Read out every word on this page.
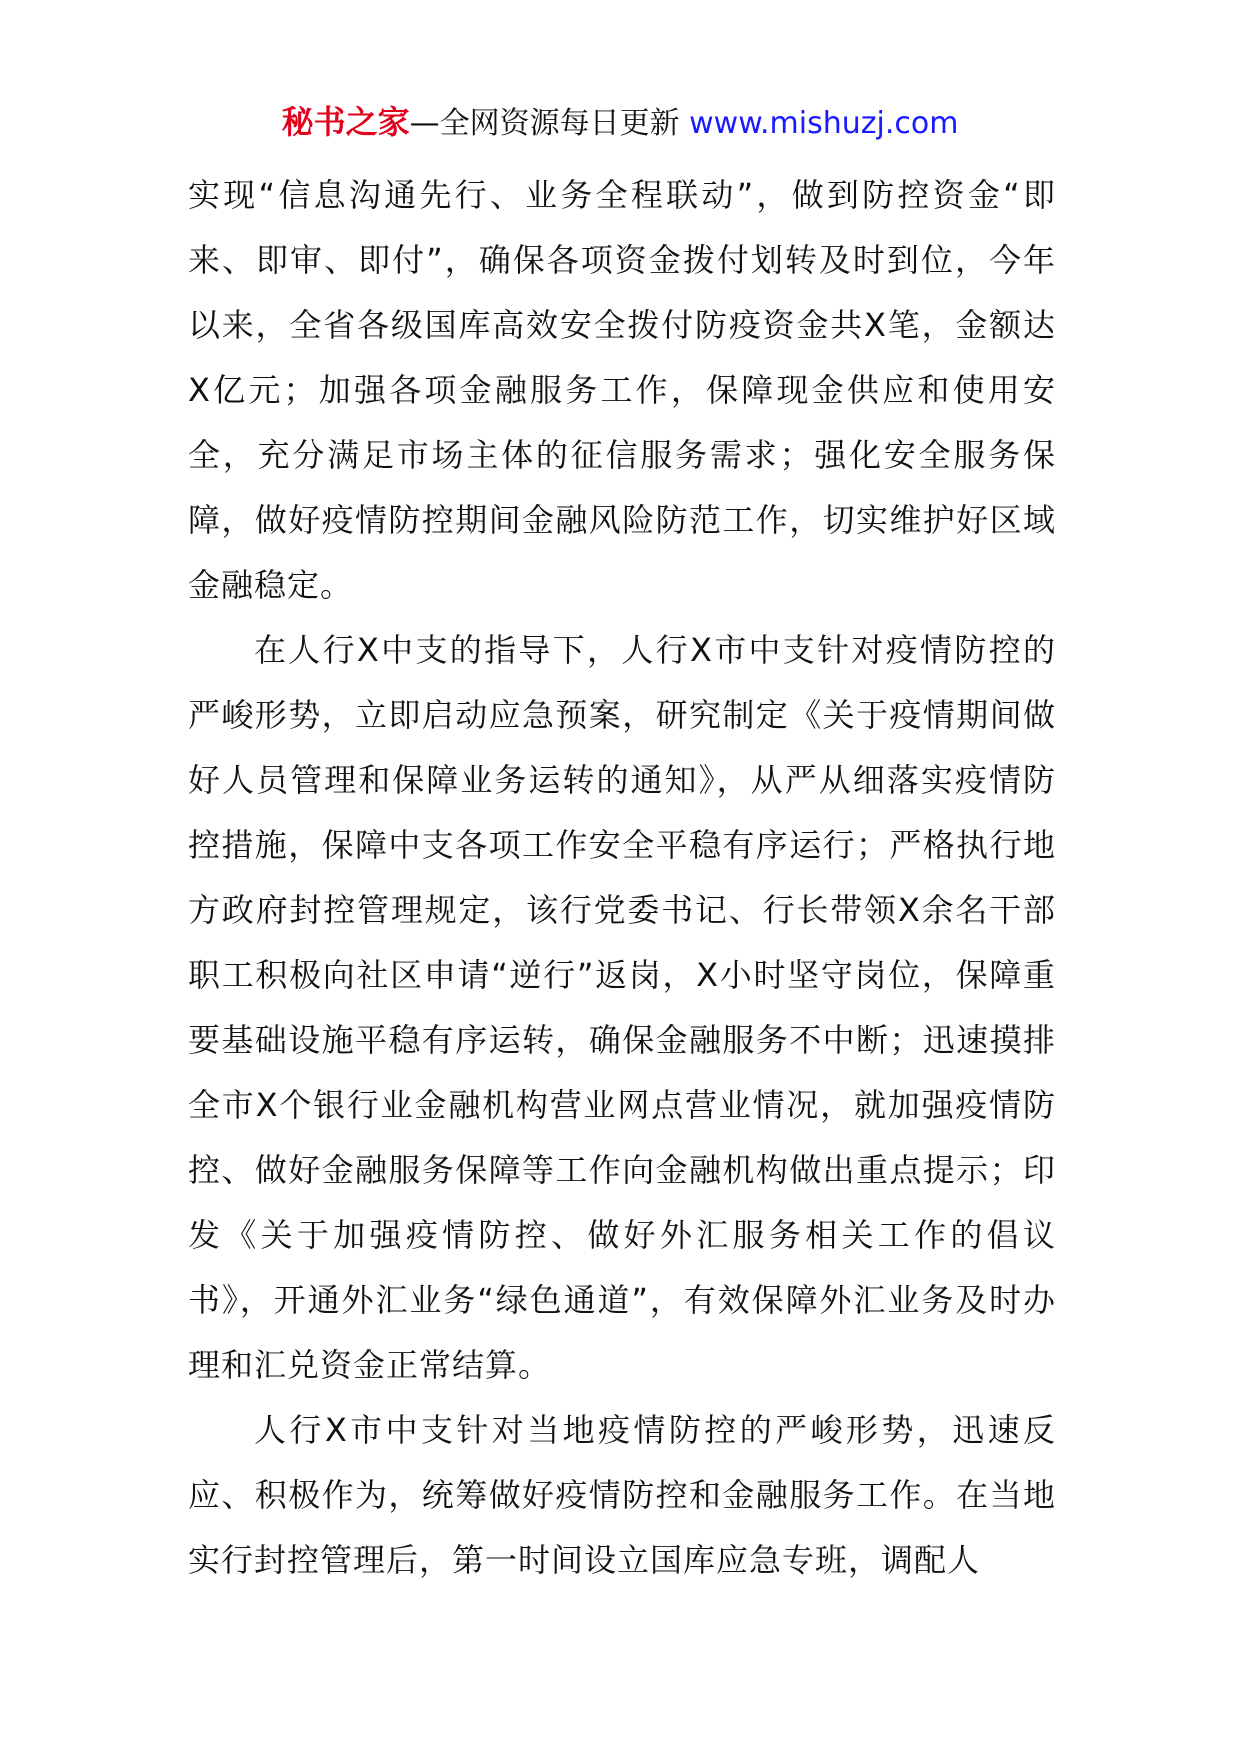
秘书之家—全网资源每日更新 www.mishuzj.com

实现“信息沟通先行、业务全程联动”，做到防控资金“即来、即审、即付”，确保各项资金拨付划转及时到位，今年以来，全省各级国库高效安全拨付防疫资金共X笔，金额达X亿元；加强各项金融服务工作，保障现金供应和使用安全，充分满足市场主体的征信服务需求；强化安全服务保障，做好疫情防控期间金融风险防范工作，切实维护好区域金融稳定。

在人行X中支的指导下，人行X市中支针对疫情防控的严峻形势，立即启动应急预案，研究制定《关于疫情期间做好人员管理和保障业务运转的通知》，从严从细落实疫情防控措施，保障中支各项工作安全平稳有序运行；严格执行地方政府封控管理规定，该行党委书记、行长带领X余名干部职工积极向社区申请“逆行”返岗，X小时坚守岗位，保障重要基础设施平稳有序运转，确保金融服务不中断；迅速摸排全市X个银行业金融机构营业网点营业情况，就加强疫情防控、做好金融服务保障等工作向金融机构做出重点提示；印发《关于加强疫情防控、做好外汇服务相关工作的倡议书》，开通外汇业务“绿色通道”，有效保障外汇业务及时办理和汇兑资金正常结算。

人行X市中支针对当地疫情防控的严峻形势，迅速反应、积极作为，统筹做好疫情防控和金融服务工作。在当地实行封控管理后，第一时间设立国库应急专班，调配人
